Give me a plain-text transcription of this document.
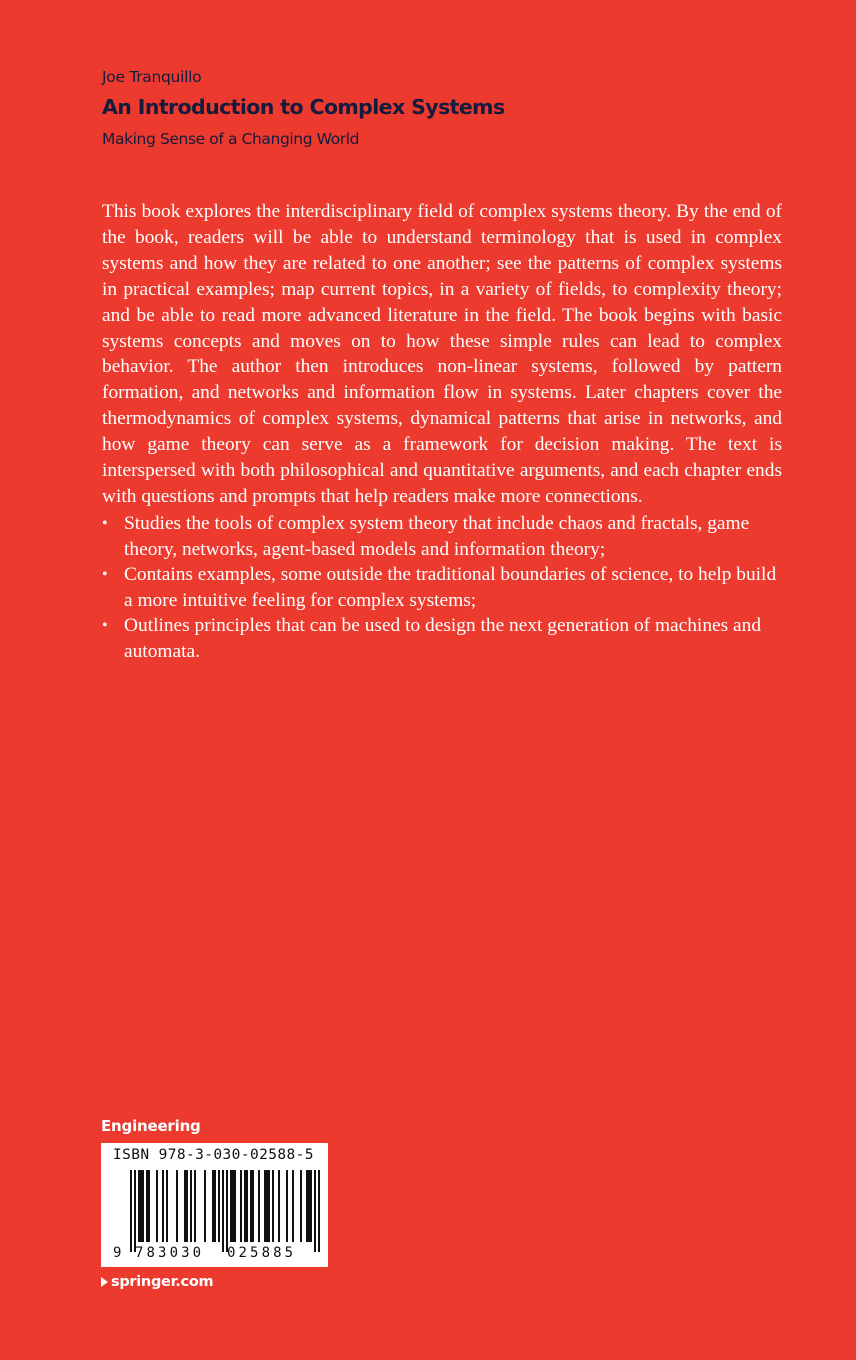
Joe Tranquillo
An Introduction to Complex Systems
Making Sense of a Changing World

This book explores the interdisciplinary field of complex systems theory. By the end of the book, readers will be able to understand terminology that is used in complex systems and how they are related to one another; see the patterns of complex systems in practical examples; map current topics, in a variety of fields, to complexity theory; and be able to read more advanced literature in the field. The book begins with basic systems concepts and moves on to how these simple rules can lead to complex behavior. The author then introduces non-linear systems, followed by pattern formation, and networks and information flow in systems. Later chapters cover the thermodynamics of complex systems, dynamical patterns that arise in networks, and how game theory can serve as a framework for decision making. The text is interspersed with both philosophical and quantitative arguments, and each chapter ends with questions and prompts that help readers make more connections.

• Studies the tools of complex system theory that include chaos and fractals, game theory, networks, agent-based models and information theory;
• Contains examples, some outside the traditional boundaries of science, to help build a more intuitive feeling for complex systems;
• Outlines principles that can be used to design the next generation of machines and automata.
Engineering
ISBN 978-3-030-02588-5
9 783030 025885
springer.com
